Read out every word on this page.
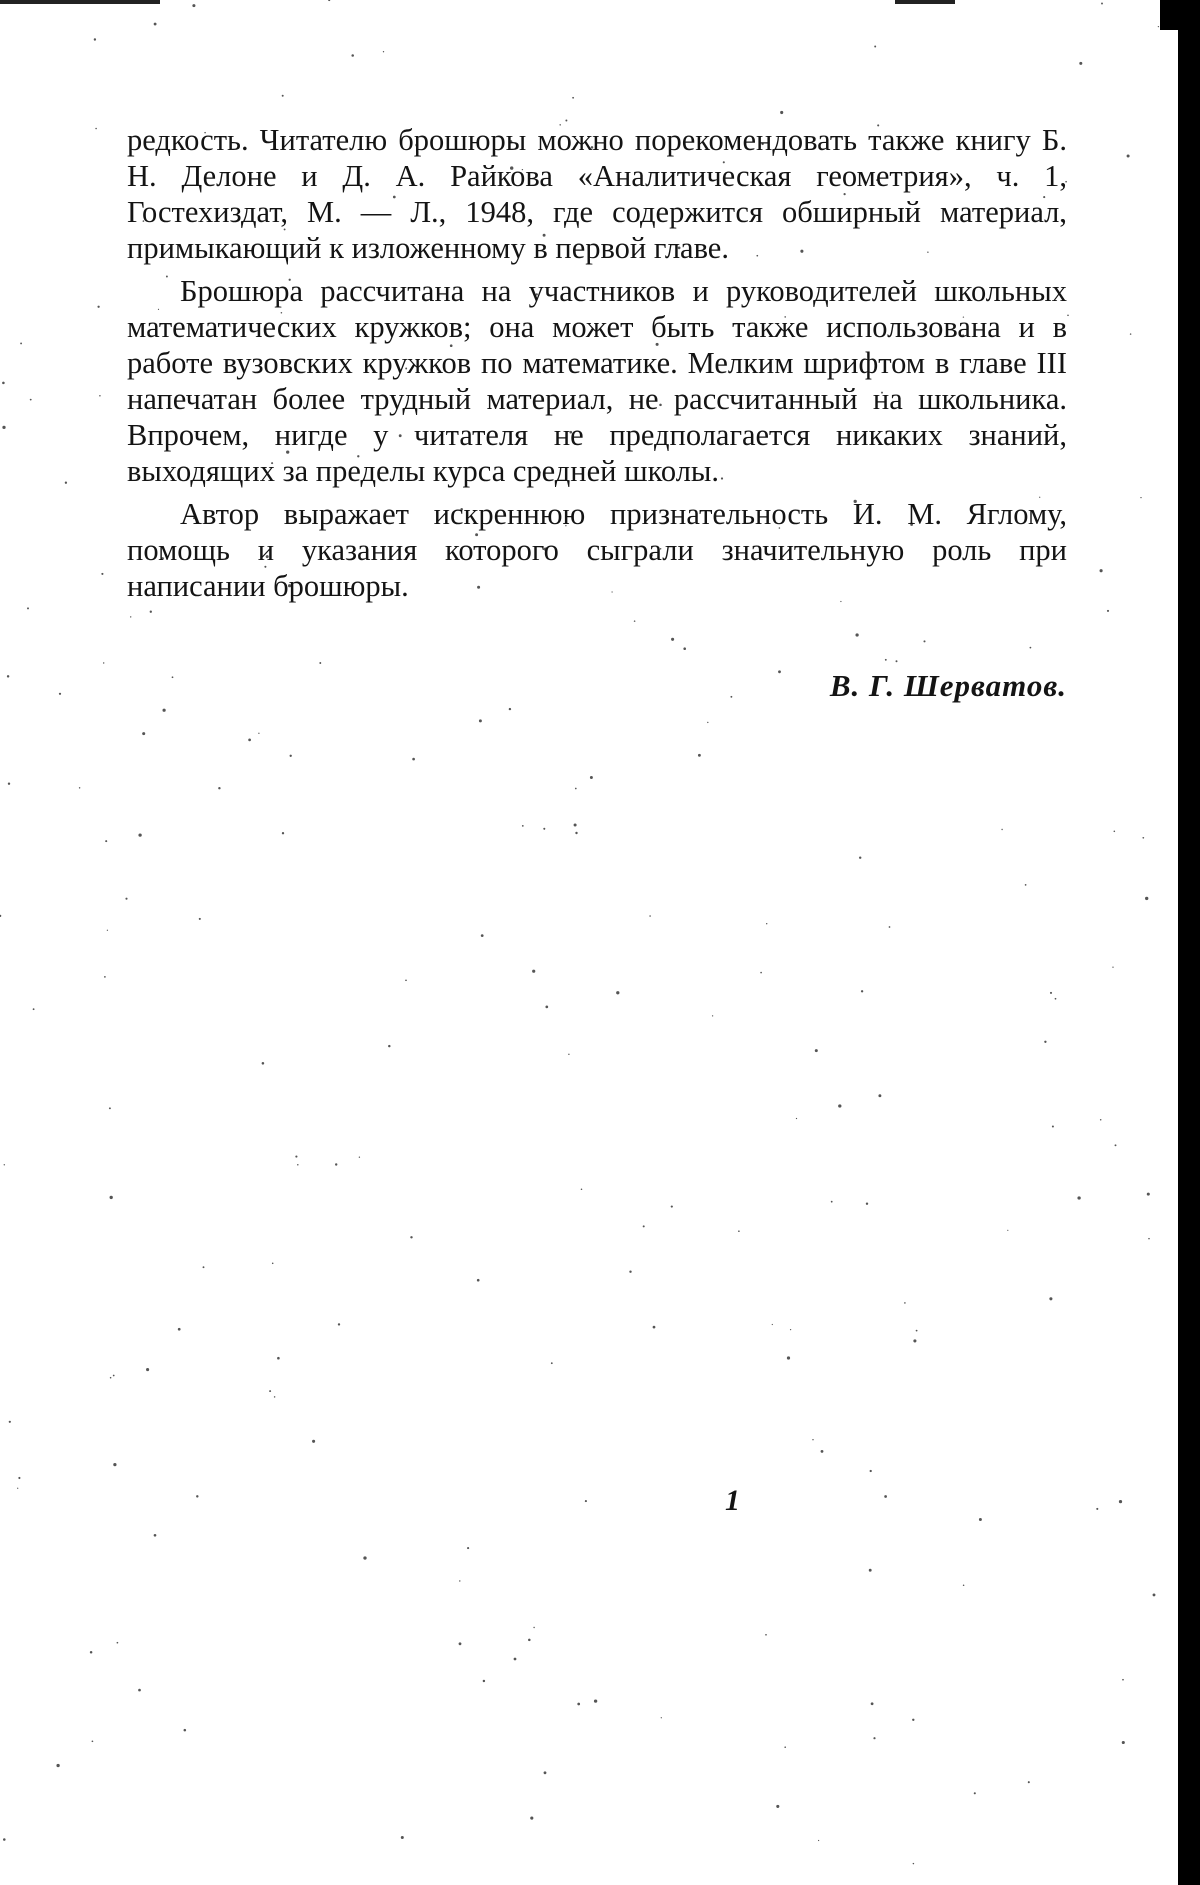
редкость. Читателю брошюры можно порекомендовать также книгу Б. Н. Делоне и Д. А. Райкова «Аналитическая геометрия», ч. 1, Гостехиздат, М. — Л., 1948, где содержится обширный материал, примыкающий к изложенному в первой главе.

Брошюра рассчитана на участников и руководителей школьных математических кружков; она может быть также использована и в работе вузовских кружков по математике. Мелким шрифтом в главе III напечатан более трудный материал, не рассчитанный на школьника. Впрочем, нигде у читателя не предполагается никаких знаний, выходящих за пределы курса средней школы.

Автор выражает искреннюю признательность И. М. Яглому, помощь и указания которого сыграли значительную роль при написании брошюры.

В. Г. Шерватов.
1
